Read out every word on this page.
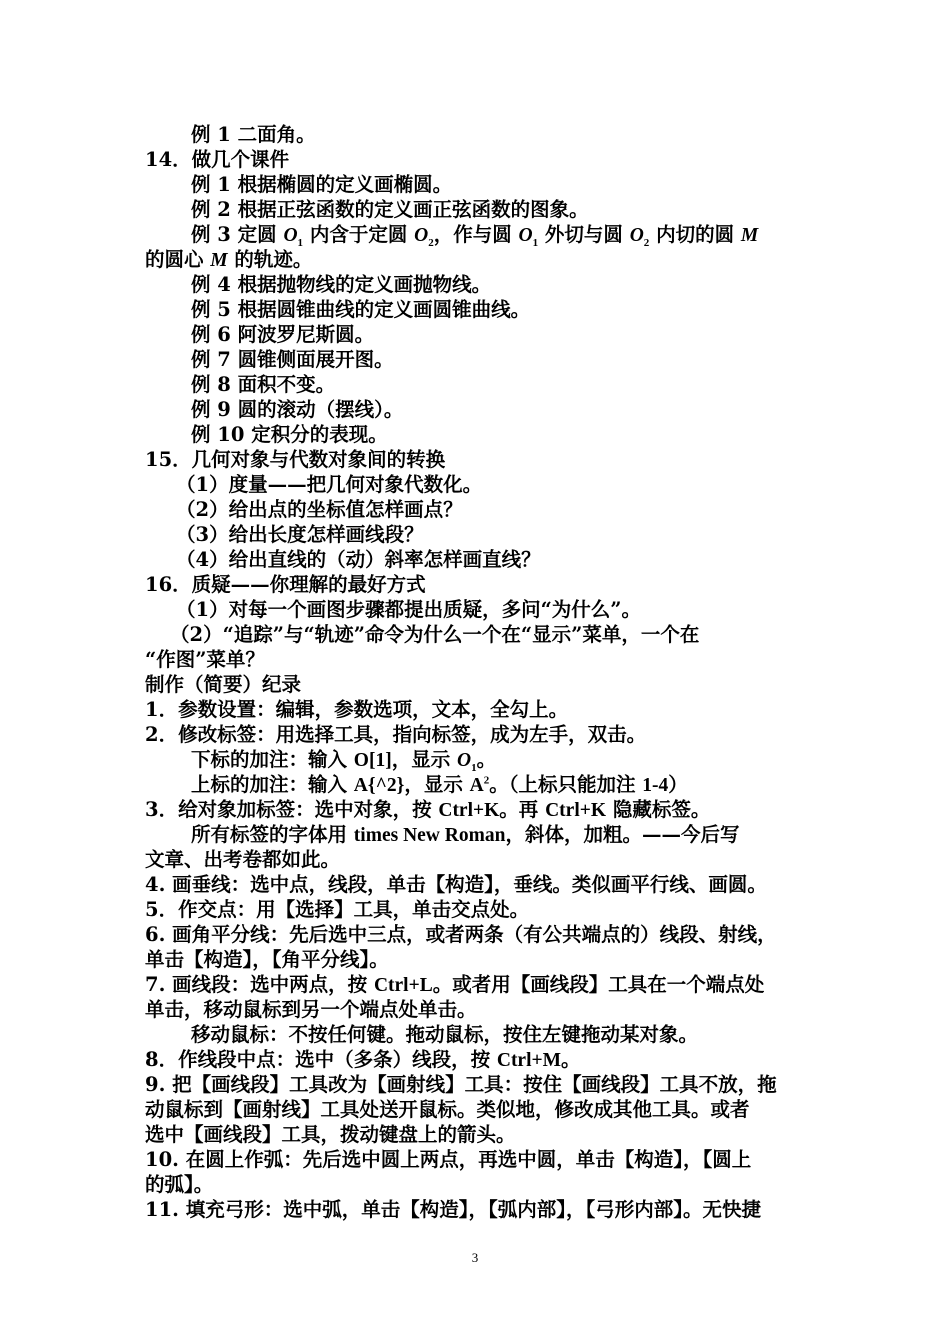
例 1 二面角。
14．做几个课件
例 1 根据椭圆的定义画椭圆。
例 2 根据正弦函数的定义画正弦函数的图象。
例 3 定圆 $O_1$ 内含于定圆 $O_2$，作与圆 $O_1$ 外切与圆 $O_2$ 内切的圆 M
的圆心 M 的轨迹。
例 4 根据抛物线的定义画抛物线。
例 5 根据圆锥曲线的定义画圆锥曲线。
例 6 阿波罗尼斯圆。
例 7 圆锥侧面展开图。
例 8 面积不变。
例 9 圆的滚动（摆线）。
例 10 定积分的表现。
15．几何对象与代数对象间的转换
（1）度量——把几何对象代数化。
（2）给出点的坐标值怎样画点？
（3）给出长度怎样画线段？
（4）给出直线的（动）斜率怎样画直线？
16．质疑——你理解的最好方式
（1）对每一个画图步骤都提出质疑，多问“为什么”。
（2）“追踪”与“轨迹”命令为什么一个在“显示”菜单，一个在
“作图”菜单？
制作（简要）纪录
1．参数设置：编辑，参数选项，文本，全勾上。
2．修改标签：用选择工具，指向标签，成为左手，双击。
下标的加注：输入 O[1]，显示 $O_1$。
上标的加注：输入 A{^2}，显示 $A^2$。（上标只能加注 1-4）
3．给对象加标签：选中对象，按 Ctrl+K。再 Ctrl+K 隐藏标签。
所有标签的字体用 times New Roman，斜体，加粗。——今后写
文章、出考卷都如此。
4. 画垂线：选中点，线段，单击【构造】，垂线。类似画平行线、画圆。
5．作交点：用【选择】工具，单击交点处。
6. 画角平分线：先后选中三点，或者两条（有公共端点的）线段、射线，
单击【构造】，【角平分线】。
7. 画线段：选中两点，按 Ctrl+L。或者用【画线段】工具在一个端点处
单击，移动鼠标到另一个端点处单击。
移动鼠标：不按任何键。拖动鼠标，按住左键拖动某对象。
8．作线段中点：选中（多条）线段，按 Ctrl+M。
9. 把【画线段】工具改为【画射线】工具：按住【画线段】工具不放，拖
动鼠标到【画射线】工具处送开鼠标。类似地，修改成其他工具。或者
选中【画线段】工具，拨动键盘上的箭头。
10. 在圆上作弧：先后选中圆上两点，再选中圆，单击【构造】，【圆上
的弧】。
11. 填充弓形：选中弧，单击【构造】，【弧内部】，【弓形内部】。无快捷
3
